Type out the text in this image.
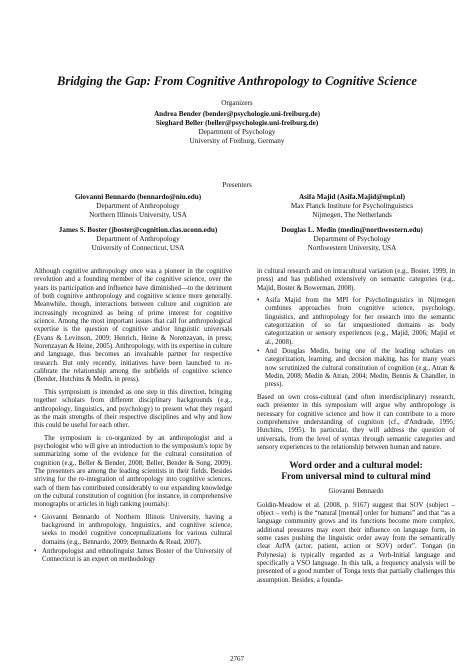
Bridging the Gap: From Cognitive Anthropology to Cognitive Science
Organizers
Andrea Bender (bender@psychologie.uni-freiburg.de)
Sieghard Beller (beller@psychologie.uni-freiburg.de)
Department of Psychology
University of Freiburg, Germany
Presenters
Giovanni Bennardo (bennardo@niu.edu)
Department of Anthropology
Northern Illinois University, USA
Asifa Majid (Asifa.Majid@mpi.nl)
Max Planck Institute for Psycholinguistics
Nijmegen, The Netherlands
James S. Boster (jboster@cognition.clas.uconn.edu)
Department of Anthropology
University of Connecticut, USA
Douglas L. Medin (medin@northwestern.edu)
Department of Psychology
Northwestern University, USA

Although cognitive anthropology once was a pioneer in the cognitive revolution and a founding member of the cognitive science, over the years its participation and influence have diminished—to the detriment of both cognitive anthropology and cognitive science more generally. Meanwhile, though, interactions between culture and cognition are increasingly recognized as being of prime interest for cognitive science. Among the most important issues that call for anthropological expertise is the question of cognitive and/or linguistic universals (Evans & Levinson, 2009; Henrich, Heine & Norenzayan, in press; Norenzayan & Heine, 2005). Anthropology, with its expertise in culture and language, thus becomes an invaluable partner for respective research. But only recently, initiatives have been launched to re-calibrate the relationship among the subfields of cognitive science (Bender, Hutchins & Medin, in press).

This symposium is intended as one step in this direction, bringing together scholars from different disciplinary backgrounds (e.g., anthropology, linguistics, and psychology) to present what they regard as the main strengths of their respective disciplines and why and how this could be useful for each other.

The symposium is co-organized by an anthropologist and a psychologist who will give an introduction to the symposium's topic by summarizing some of the evidence for the cultural constitution of cognition (e.g., Beller & Bender, 2008; Beller, Bender & Song, 2009). The presenters are among the leading scientists in their fields. Besides striving for the re-integration of anthropology into cognitive sciences, each of them has contributed considerably to our expanding knowledge on the cultural constitution of cognition (for instance, in comprehensive monographs or articles in high ranking journals):

• Giovanni Bennardo of Northern Illinois University, having a background in anthropology, linguistics, and cognitive science, seeks to model cognitive conceptualizations for various cultural domains (e.g., Bennardo, 2009; Bennardo & Read, 2007).
• Anthropologist and ethnolinguist James Boster of the University of Connecticut is an expert on methodology

in cultural research and on intracultural variation (e.g., Boster, 1999, in press) and has published extensively on semantic categories (e.g., Majid, Boster & Bowerman, 2008).

• Asifa Majid from the MPI for Psycholinguistics in Nijmegen combines approaches from cognitive science, psychology, linguistics, and anthropology for her research into the semantic categorization of so far unquestioned domains as body categorization or sensory experiences (e.g., Majid, 2006; Majid et al., 2008).
• And Douglas Medin, being one of the leading scholars on categorization, learning, and decision making, has for many years now scrutinized the cultural constitution of cognition (e.g., Atran & Medin, 2008; Medin & Atran, 2004; Medin, Bennis & Chandler, in press).

Based on own cross-cultural (and often interdisciplinary) research, each presenter in this symposium will argue why anthropology is necessary for cognitive science and how it can contribute to a more comprehensive understanding of cognition (cf., d'Andrade, 1995; Hutchins, 1995). In particular, they will address the question of universals, from the level of syntax through semantic categories and sensory experiences to the relationship between human and nature.

Word order and a cultural model:
From universal mind to cultural mind
Giovanni Bennardo

Goldin-Meadow et al. (2008, p. 9167) suggest that SOV (subject – object – verb) is the “natural [mental] order for humans” and that “as a language community grows and its functions become more complex, additional pressures may exert their influence on language form, in some cases pushing the linguistic order away from the semantically clear ArPA (actor, patient, action or SOV) order”. Tongan (in Polynesia) is typically regarded as a Verb-Initial language and specifically a VSO language. In this talk, a frequency analysis will be presented of a good number of Tonga texts that partially challenges this assumption. Besides, a founda-

2767
